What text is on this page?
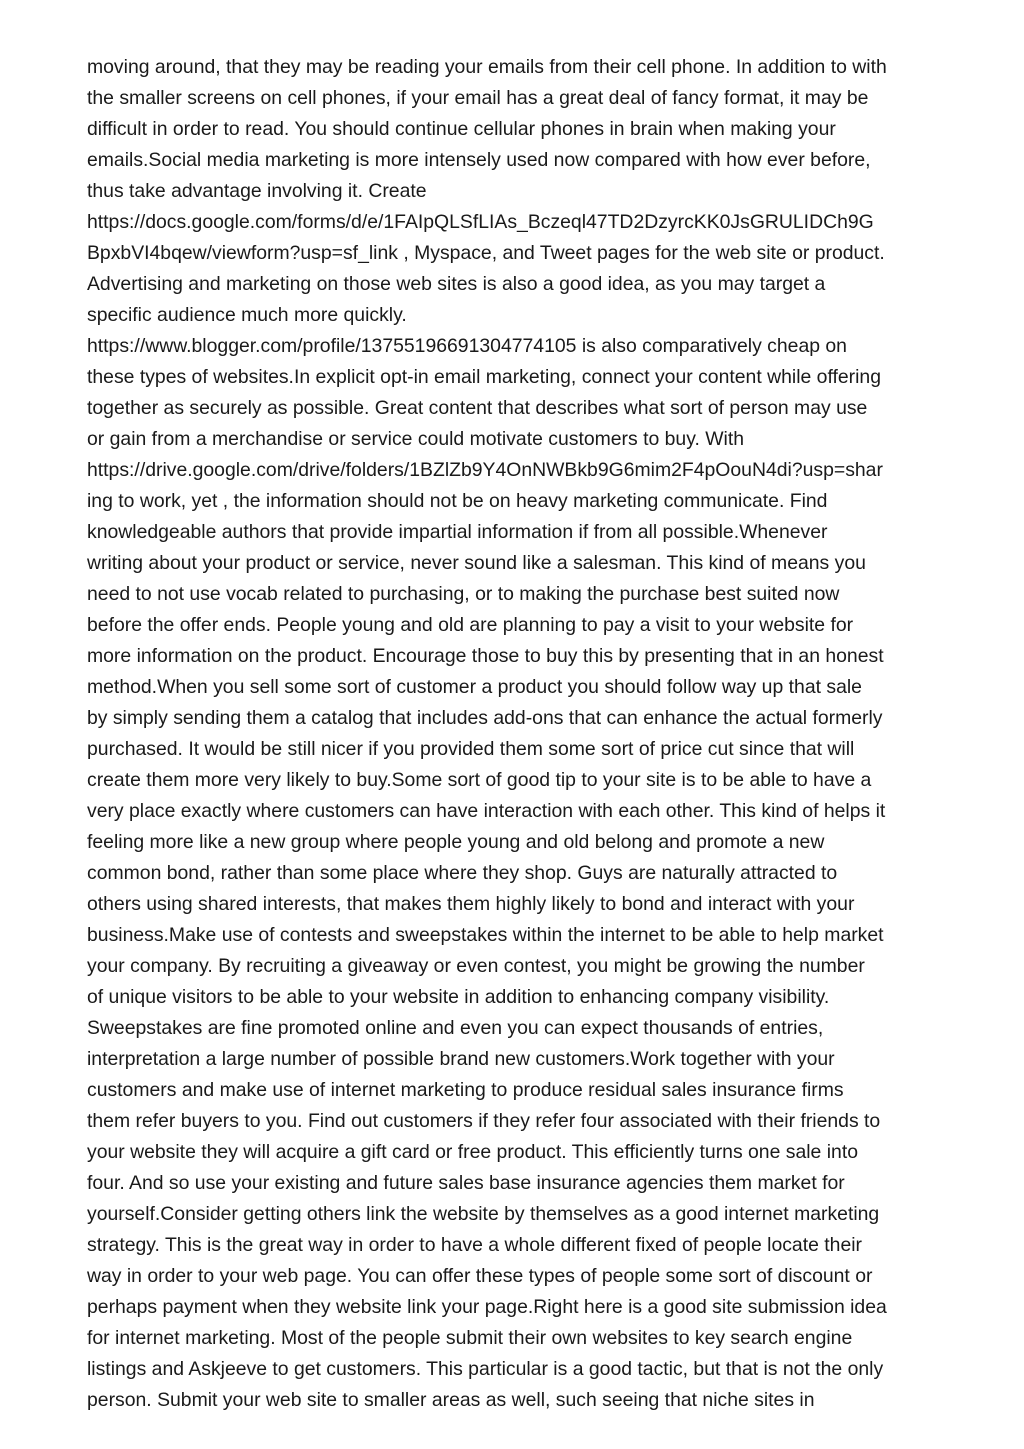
moving around, that they may be reading your emails from their cell phone. In addition to with

the smaller screens on cell phones, if your email has a great deal of fancy format, it may be

difficult in order to read. You should continue cellular phones in brain when making your

emails.Social media marketing is more intensely used now compared with how ever before,

thus take advantage involving it. Create

https://docs.google.com/forms/d/e/1FAIpQLSfLIAs_Bczeql47TD2DzyrcKK0JsGRULIDCh9G

BpxbVI4bqew/viewform?usp=sf_link , Myspace, and Tweet pages for the web site or product.

Advertising and marketing on those web sites is also a good idea, as you may target a

specific audience much more quickly.

https://www.blogger.com/profile/13755196691304774105 is also comparatively cheap on

these types of websites.In explicit opt-in email marketing, connect your content while offering

together as securely as possible. Great content that describes what sort of person may use

or gain from a merchandise or service could motivate customers to buy. With

https://drive.google.com/drive/folders/1BZlZb9Y4OnNWBkb9G6mim2F4pOouN4di?usp=shar

ing to work, yet , the information should not be on heavy marketing communicate. Find

knowledgeable authors that provide impartial information if from all possible.Whenever

writing about your product or service, never sound like a salesman. This kind of means you

need to not use vocab related to purchasing, or to making the purchase best suited now

before the offer ends. People young and old are planning to pay a visit to your website for

more information on the product. Encourage those to buy this by presenting that in an honest

method.When you sell some sort of customer a product you should follow way up that sale

by simply sending them a catalog that includes add-ons that can enhance the actual formerly

purchased. It would be still nicer if you provided them some sort of price cut since that will

create them more very likely to buy.Some sort of good tip to your site is to be able to have a

very place exactly where customers can have interaction with each other. This kind of helps it

feeling more like a new group where people young and old belong and promote a new

common bond, rather than some place where they shop. Guys are naturally attracted to

others using shared interests, that makes them highly likely to bond and interact with your

business.Make use of contests and sweepstakes within the internet to be able to help market

your company. By recruiting a giveaway or even contest, you might be growing the number

of unique visitors to be able to your website in addition to enhancing company visibility.

Sweepstakes are fine promoted online and even you can expect thousands of entries,

interpretation a large number of possible brand new customers.Work together with your

customers and make use of internet marketing to produce residual sales insurance firms

them refer buyers to you. Find out customers if they refer four associated with their friends to

your website they will acquire a gift card or free product. This efficiently turns one sale into

four. And so use your existing and future sales base insurance agencies them market for

yourself.Consider getting others link the website by themselves as a good internet marketing

strategy. This is the great way in order to have a whole different fixed of people locate their

way in order to your web page. You can offer these types of people some sort of discount or

perhaps payment when they website link your page.Right here is a good site submission idea

for internet marketing. Most of the people submit their own websites to key search engine

listings and Askjeeve to get customers. This particular is a good tactic, but that is not the only

person. Submit your web site to smaller areas as well, such seeing that niche sites in
